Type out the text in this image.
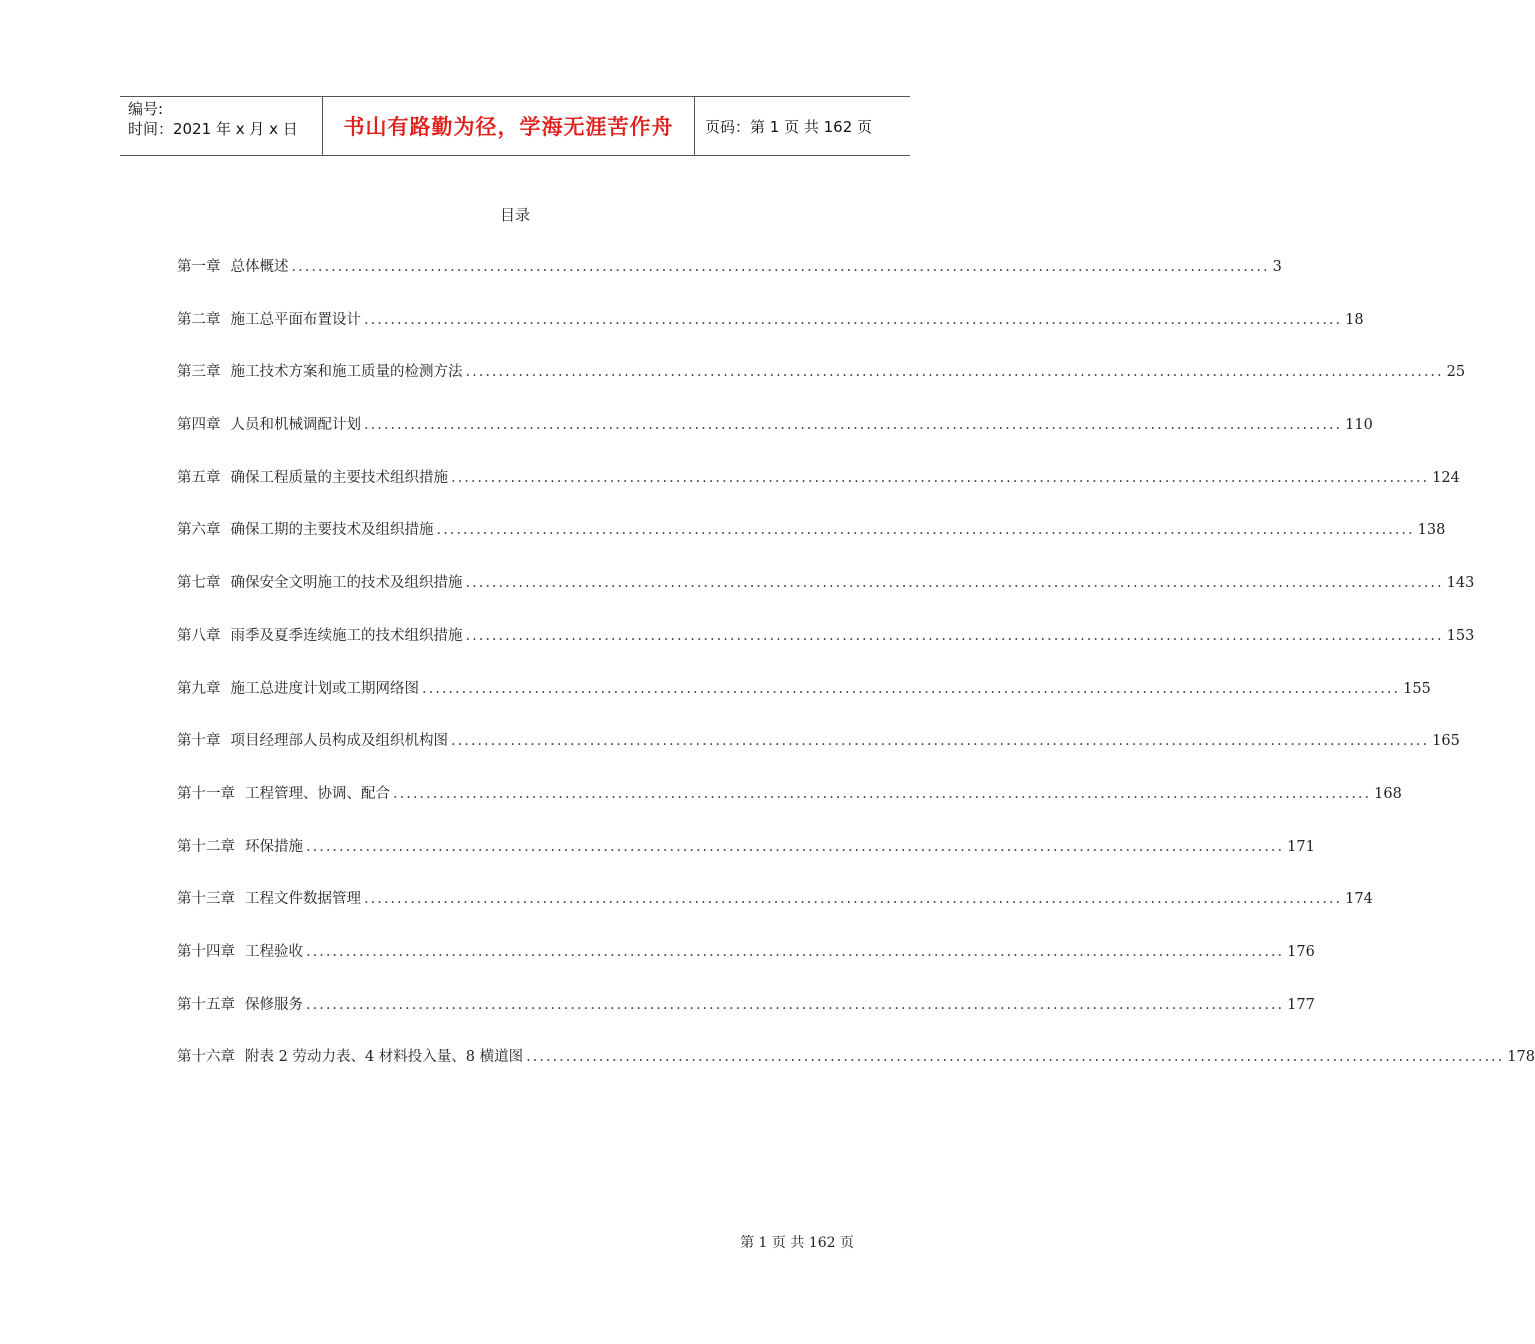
编号:
时间：2021 年 x 月 x 日	书山有路勤为径，学海无涯苦作舟 页码：第 1 页 共 162 页
目录
第一章 总体概述 .................................................................................................................................................... 3
第二章 施工总平面布置设计 .................................................................................................................................................... 18
第三章 施工技术方案和施工质量的检测方法 .................................................................................................................................................... 25
第四章 人员和机械调配计划 .................................................................................................................................................... 110
第五章 确保工程质量的主要技术组织措施 .................................................................................................................................................... 124
第六章 确保工期的主要技术及组织措施 .................................................................................................................................................... 138
第七章 确保安全文明施工的技术及组织措施 .................................................................................................................................................... 143
第八章 雨季及夏季连续施工的技术组织措施 .................................................................................................................................................... 153
第九章 施工总进度计划或工期网络图 .................................................................................................................................................... 155
第十章 项目经理部人员构成及组织机构图 .................................................................................................................................................... 165
第十一章 工程管理、协调、配合 .................................................................................................................................................... 168
第十二章 环保措施 .................................................................................................................................................... 171
第十三章 工程文件数据管理 .................................................................................................................................................... 174
第十四章 工程验收 .................................................................................................................................................... 176
第十五章 保修服务 .................................................................................................................................................... 177
第十六章 附表 2 劳动力表、4 材料投入量、8 横道图 .................................................................................................................................................... 178
第 1 页 共 162 页
